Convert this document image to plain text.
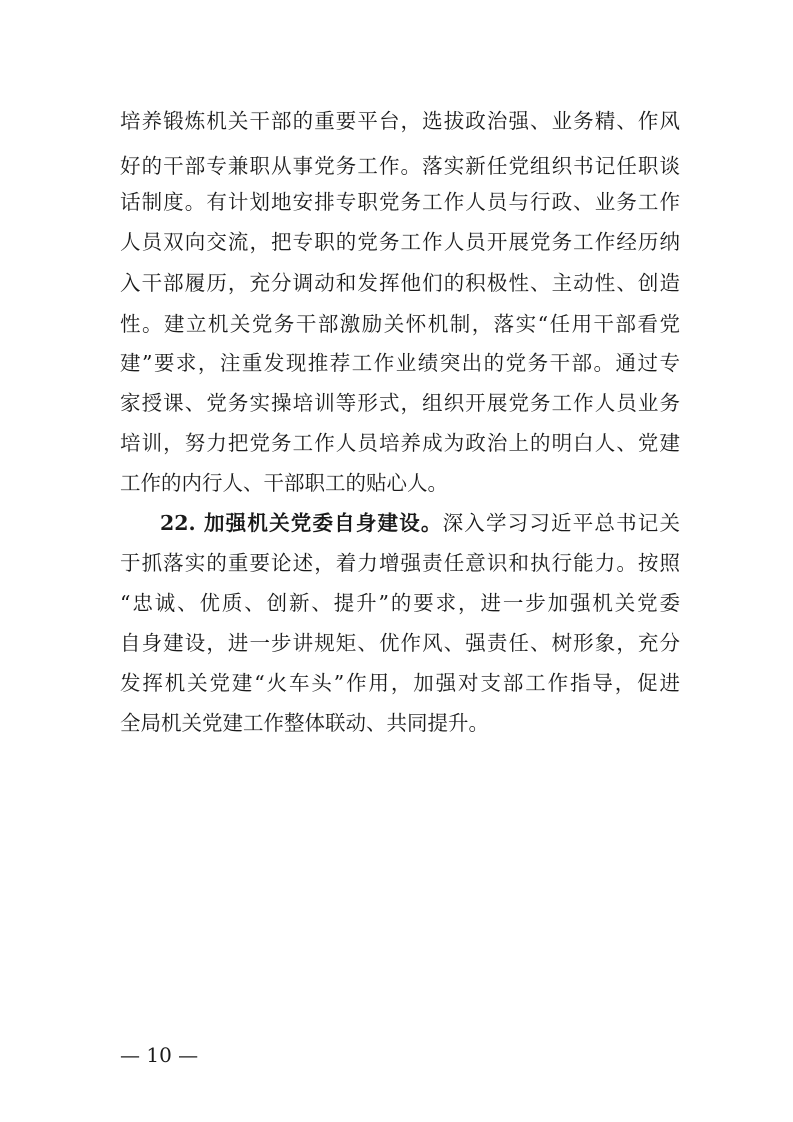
培养锻炼机关干部的重要平台，选拔政治强、业务精、作风
好的干部专兼职从事党务工作。落实新任党组织书记任职谈
话制度。有计划地安排专职党务工作人员与行政、业务工作
人员双向交流，把专职的党务工作人员开展党务工作经历纳
入干部履历，充分调动和发挥他们的积极性、主动性、创造
性。建立机关党务干部激励关怀机制，落实“任用干部看党
建”要求，注重发现推荐工作业绩突出的党务干部。通过专
家授课、党务实操培训等形式，组织开展党务工作人员业务
培训，努力把党务工作人员培养成为政治上的明白人、党建
工作的内行人、干部职工的贴心人。
22. 加强机关党委自身建设。深入学习习近平总书记关
于抓落实的重要论述，着力增强责任意识和执行能力。按照
“忠诚、优质、创新、提升”的要求，进一步加强机关党委
自身建设，进一步讲规矩、优作风、强责任、树形象，充分
发挥机关党建“火车头”作用，加强对支部工作指导，促进
全局机关党建工作整体联动、共同提升。
— 10 —
